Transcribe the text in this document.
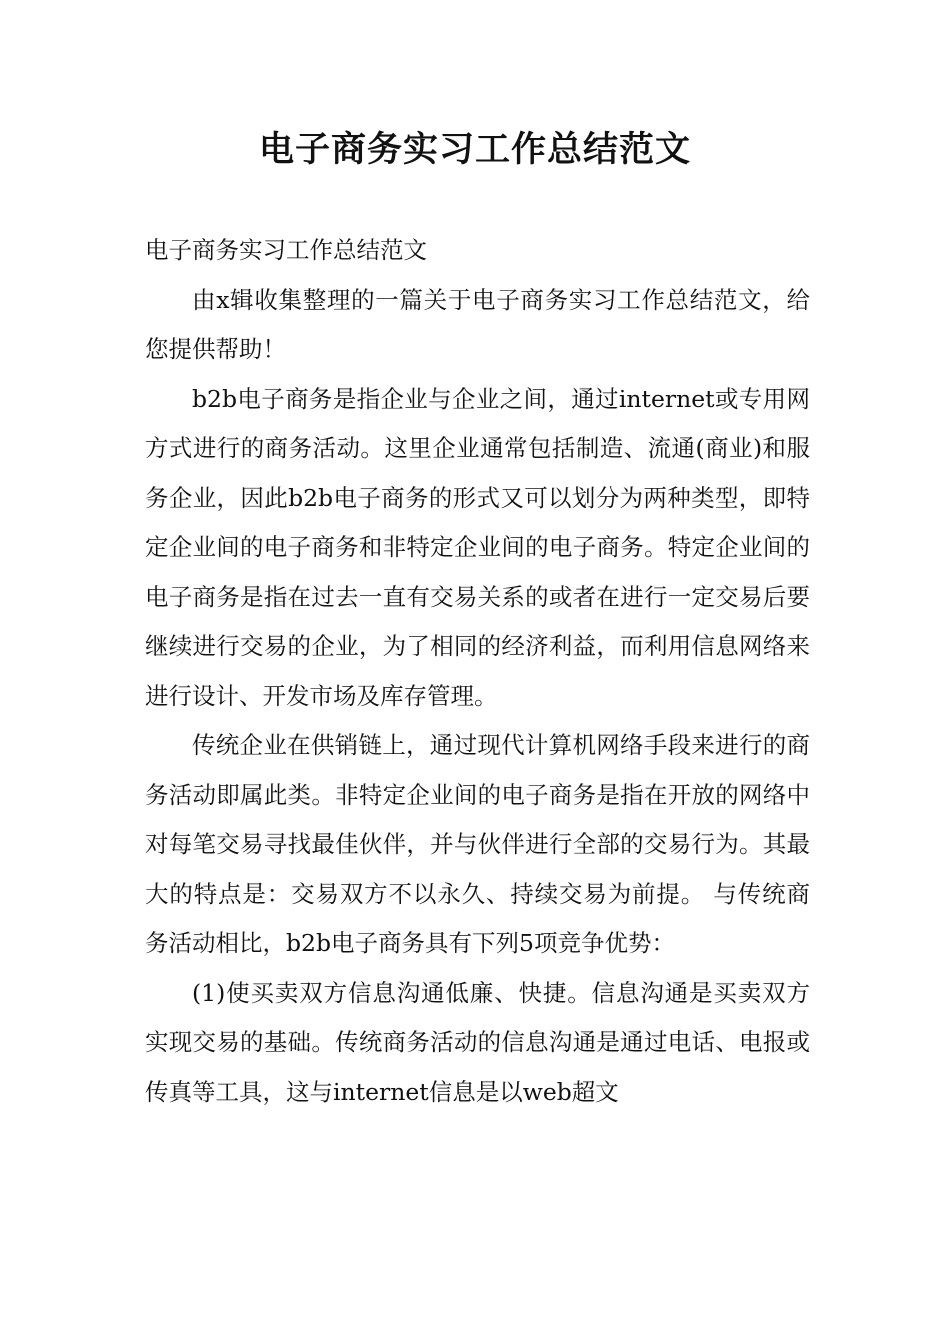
电子商务实习工作总结范文

电子商务实习工作总结范文

由x辑收集整理的一篇关于电子商务实习工作总结范文，给您提供帮助！

b2b电子商务是指企业与企业之间，通过internet或专用网方式进行的商务活动。这里企业通常包括制造、流通(商业)和服务企业，因此b2b电子商务的形式又可以划分为两种类型，即特定企业间的电子商务和非特定企业间的电子商务。特定企业间的电子商务是指在过去一直有交易关系的或者在进行一定交易后要继续进行交易的企业，为了相同的经济利益，而利用信息网络来进行设计、开发市场及库存管理。

传统企业在供销链上，通过现代计算机网络手段来进行的商务活动即属此类。非特定企业间的电子商务是指在开放的网络中对每笔交易寻找最佳伙伴，并与伙伴进行全部的交易行为。其最大的特点是：交易双方不以永久、持续交易为前提。 与传统商务活动相比，b2b电子商务具有下列5项竞争优势：

(1)使买卖双方信息沟通低廉、快捷。信息沟通是买卖双方实现交易的基础。传统商务活动的信息沟通是通过电话、电报或传真等工具，这与internet信息是以web超文
